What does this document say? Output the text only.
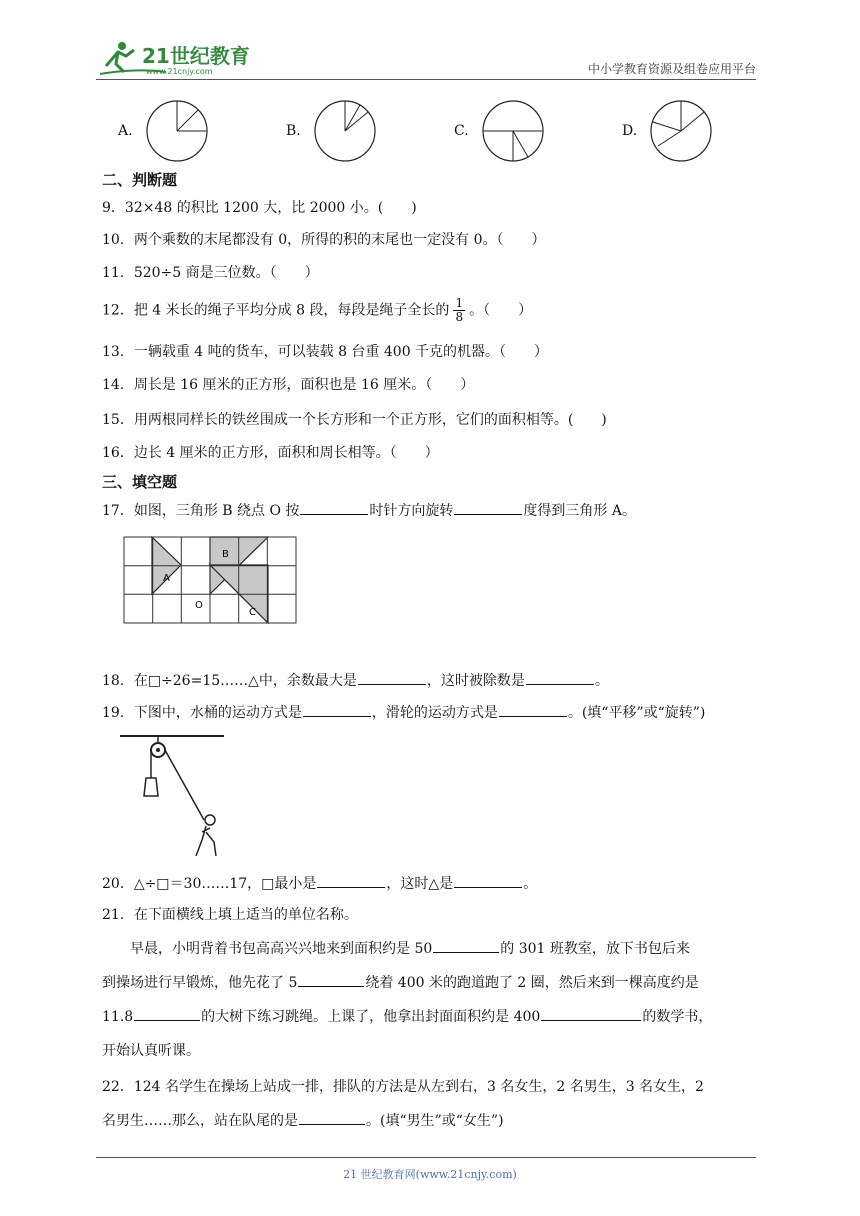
21世纪教育
www.21cnjy.com	中小学教育资源及组卷应用平台
A.	B.	C.	D.
二、判断题
9．32×48 的积比 1200 大，比 2000 小。(　　)
10．两个乘数的末尾都没有 0，所得的积的末尾也一定没有 0。（　　）
11．520÷5 商是三位数。（　　）
12．把 4 米长的绳子平均分成 8 段，每段是绳子全长的 $\frac{1}{8}$ 。（　　）
13．一辆载重 4 吨的货车，可以装载 8 台重 400 千克的机器。（　　）
14．周长是 16 厘米的正方形，面积也是 16 厘米。（　　）
15．用两根同样长的铁丝围成一个长方形和一个正方形，它们的面积相等。(　　)
16．边长 4 厘米的正方形，面积和周长相等。（　　）
三、填空题
17．如图，三角形 B 绕点 O 按	时针方向旋转	度得到三角形 A。
A
B
C
O
18．在□÷26=15……△中，余数最大是	，这时被除数是	。
19．下图中，水桶的运动方式是	，滑轮的运动方式是	。(填“平移”或“旋转”)
20．△÷□＝30……17，□最小是	，这时△是	。
21．在下面横线上填上适当的单位名称。
早晨，小明背着书包高高兴兴地来到面积约是 50	的 301 班教室，放下书包后来
到操场进行早锻炼，他先花了 5	绕着 400 米的跑道跑了 2 圈，然后来到一棵高度约是
11.8	的大树下练习跳绳。上课了，他拿出封面面积约是 400	的数学书，
开始认真听课。
22．124 名学生在操场上站成一排，排队的方法是从左到右，3 名女生，2 名男生，3 名女生，2
名男生……那么，站在队尾的是	。(填“男生”或“女生”)
21 世纪教育网(www.21cnjy.com)
